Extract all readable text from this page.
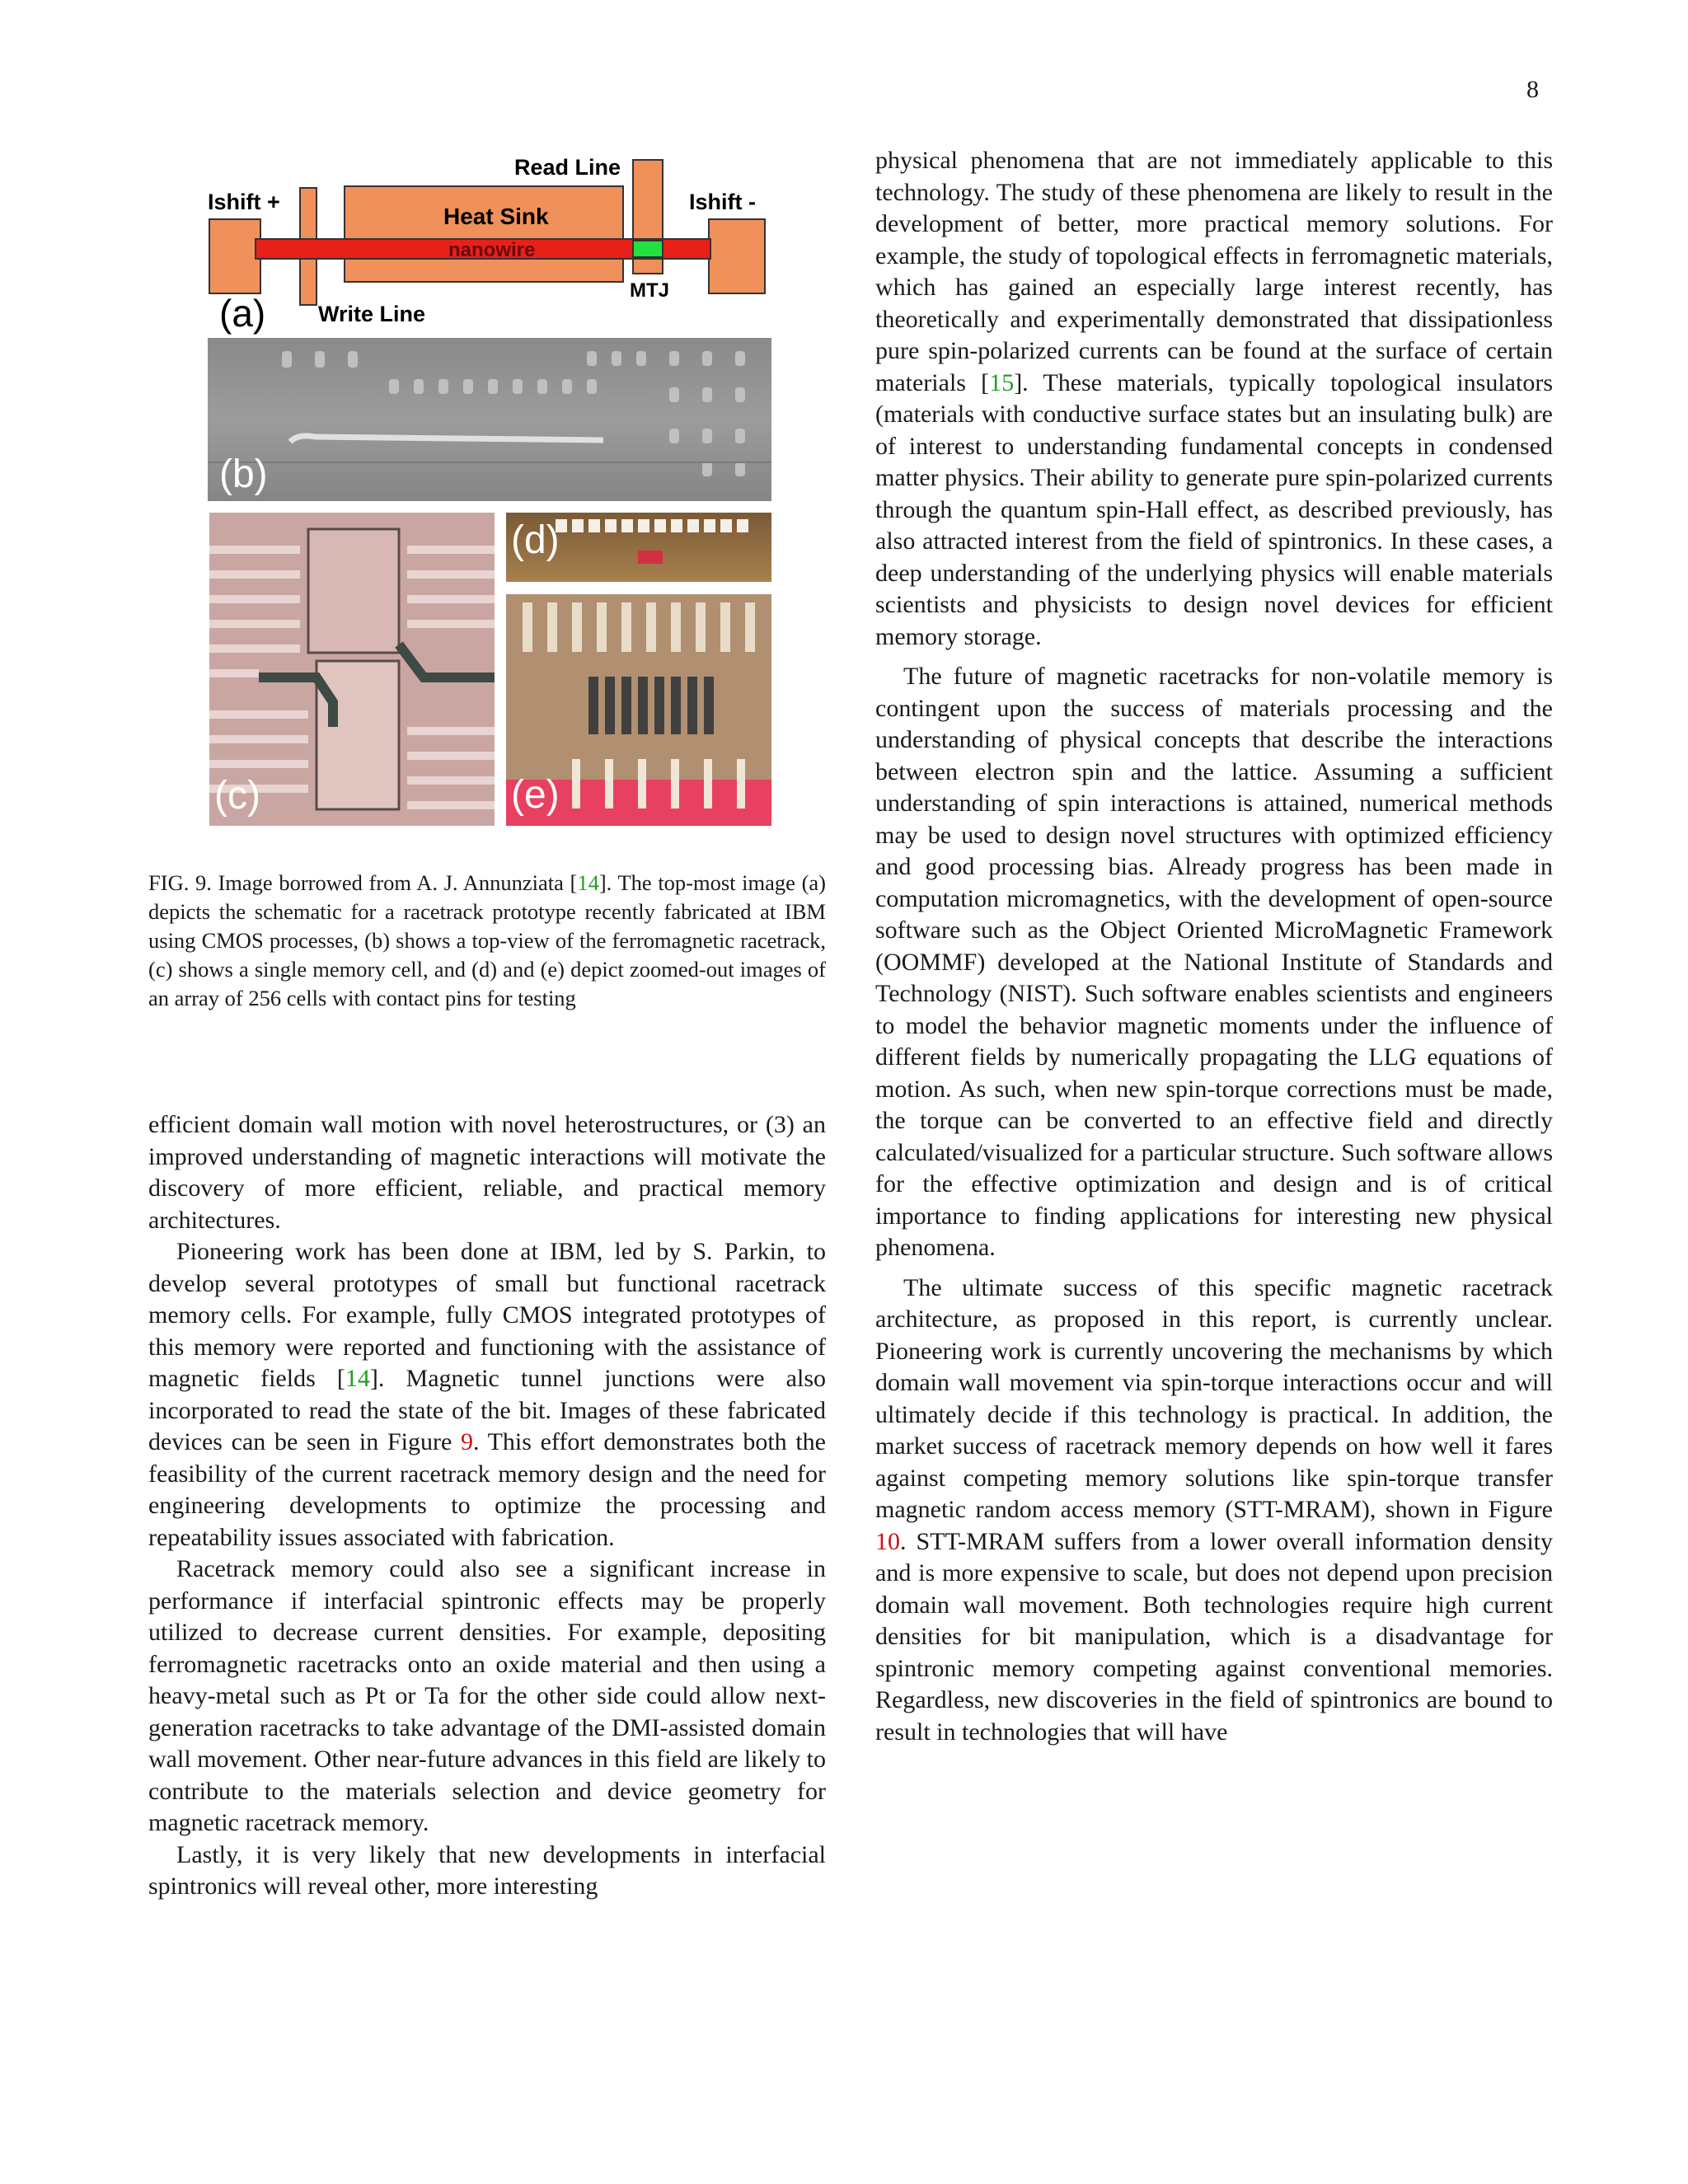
8
Read Line
Ishift +	Ishift -
Heat Sink
nanowire
MTJ
Write Line
(a)
(b)
(c)
(d)
(e)
FIG. 9. Image borrowed from A. J. Annunziata [14]. The top-most image (a) depicts the schematic for a racetrack prototype recently fabricated at IBM using CMOS processes, (b) shows a top-view of the ferromagnetic racetrack, (c) shows a single memory cell, and (d) and (e) depict zoomed-out images of an array of 256 cells with contact pins for testing

efficient domain wall motion with novel heterostructures, or (3) an improved understanding of magnetic interactions will motivate the discovery of more efficient, reliable, and practical memory architectures.

Pioneering work has been done at IBM, led by S. Parkin, to develop several prototypes of small but functional racetrack memory cells. For example, fully CMOS integrated prototypes of this memory were reported and functioning with the assistance of magnetic fields [14]. Magnetic tunnel junctions were also incorporated to read the state of the bit. Images of these fabricated devices can be seen in Figure 9. This effort demonstrates both the feasibility of the current racetrack memory design and the need for engineering developments to optimize the processing and repeatability issues associated with fabrication.

Racetrack memory could also see a significant increase in performance if interfacial spintronic effects may be properly utilized to decrease current densities. For example, depositing ferromagnetic racetracks onto an oxide material and then using a heavy-metal such as Pt or Ta for the other side could allow next-generation racetracks to take advantage of the DMI-assisted domain wall movement. Other near-future advances in this field are likely to contribute to the materials selection and device geometry for magnetic racetrack memory.

Lastly, it is very likely that new developments in interfacial spintronics will reveal other, more interesting

physical phenomena that are not immediately applicable to this technology. The study of these phenomena are likely to result in the development of better, more practical memory solutions. For example, the study of topological effects in ferromagnetic materials, which has gained an especially large interest recently, has theoretically and experimentally demonstrated that dissipationless pure spin-polarized currents can be found at the surface of certain materials [15]. These materials, typically topological insulators (materials with conductive surface states but an insulating bulk) are of interest to understanding fundamental concepts in condensed matter physics. Their ability to generate pure spin-polarized currents through the quantum spin-Hall effect, as described previously, has also attracted interest from the field of spintronics. In these cases, a deep understanding of the underlying physics will enable materials scientists and physicists to design novel devices for efficient memory storage.

The future of magnetic racetracks for non-volatile memory is contingent upon the success of materials processing and the understanding of physical concepts that describe the interactions between electron spin and the lattice. Assuming a sufficient understanding of spin interactions is attained, numerical methods may be used to design novel structures with optimized efficiency and good processing bias. Already progress has been made in computation micromagnetics, with the development of open-source software such as the Object Oriented MicroMagnetic Framework (OOMMF) developed at the National Institute of Standards and Technology (NIST). Such software enables scientists and engineers to model the behavior magnetic moments under the influence of different fields by numerically propagating the LLG equations of motion. As such, when new spin-torque corrections must be made, the torque can be converted to an effective field and directly calculated/visualized for a particular structure. Such software allows for the effective optimization and design and is of critical importance to finding applications for interesting new physical phenomena.

The ultimate success of this specific magnetic racetrack architecture, as proposed in this report, is currently unclear. Pioneering work is currently uncovering the mechanisms by which domain wall movement via spin-torque interactions occur and will ultimately decide if this technology is practical. In addition, the market success of racetrack memory depends on how well it fares against competing memory solutions like spin-torque transfer magnetic random access memory (STT-MRAM), shown in Figure 10. STT-MRAM suffers from a lower overall information density and is more expensive to scale, but does not depend upon precision domain wall movement. Both technologies require high current densities for bit manipulation, which is a disadvantage for spintronic memory competing against conventional memories. Regardless, new discoveries in the field of spintronics are bound to result in technologies that will have
